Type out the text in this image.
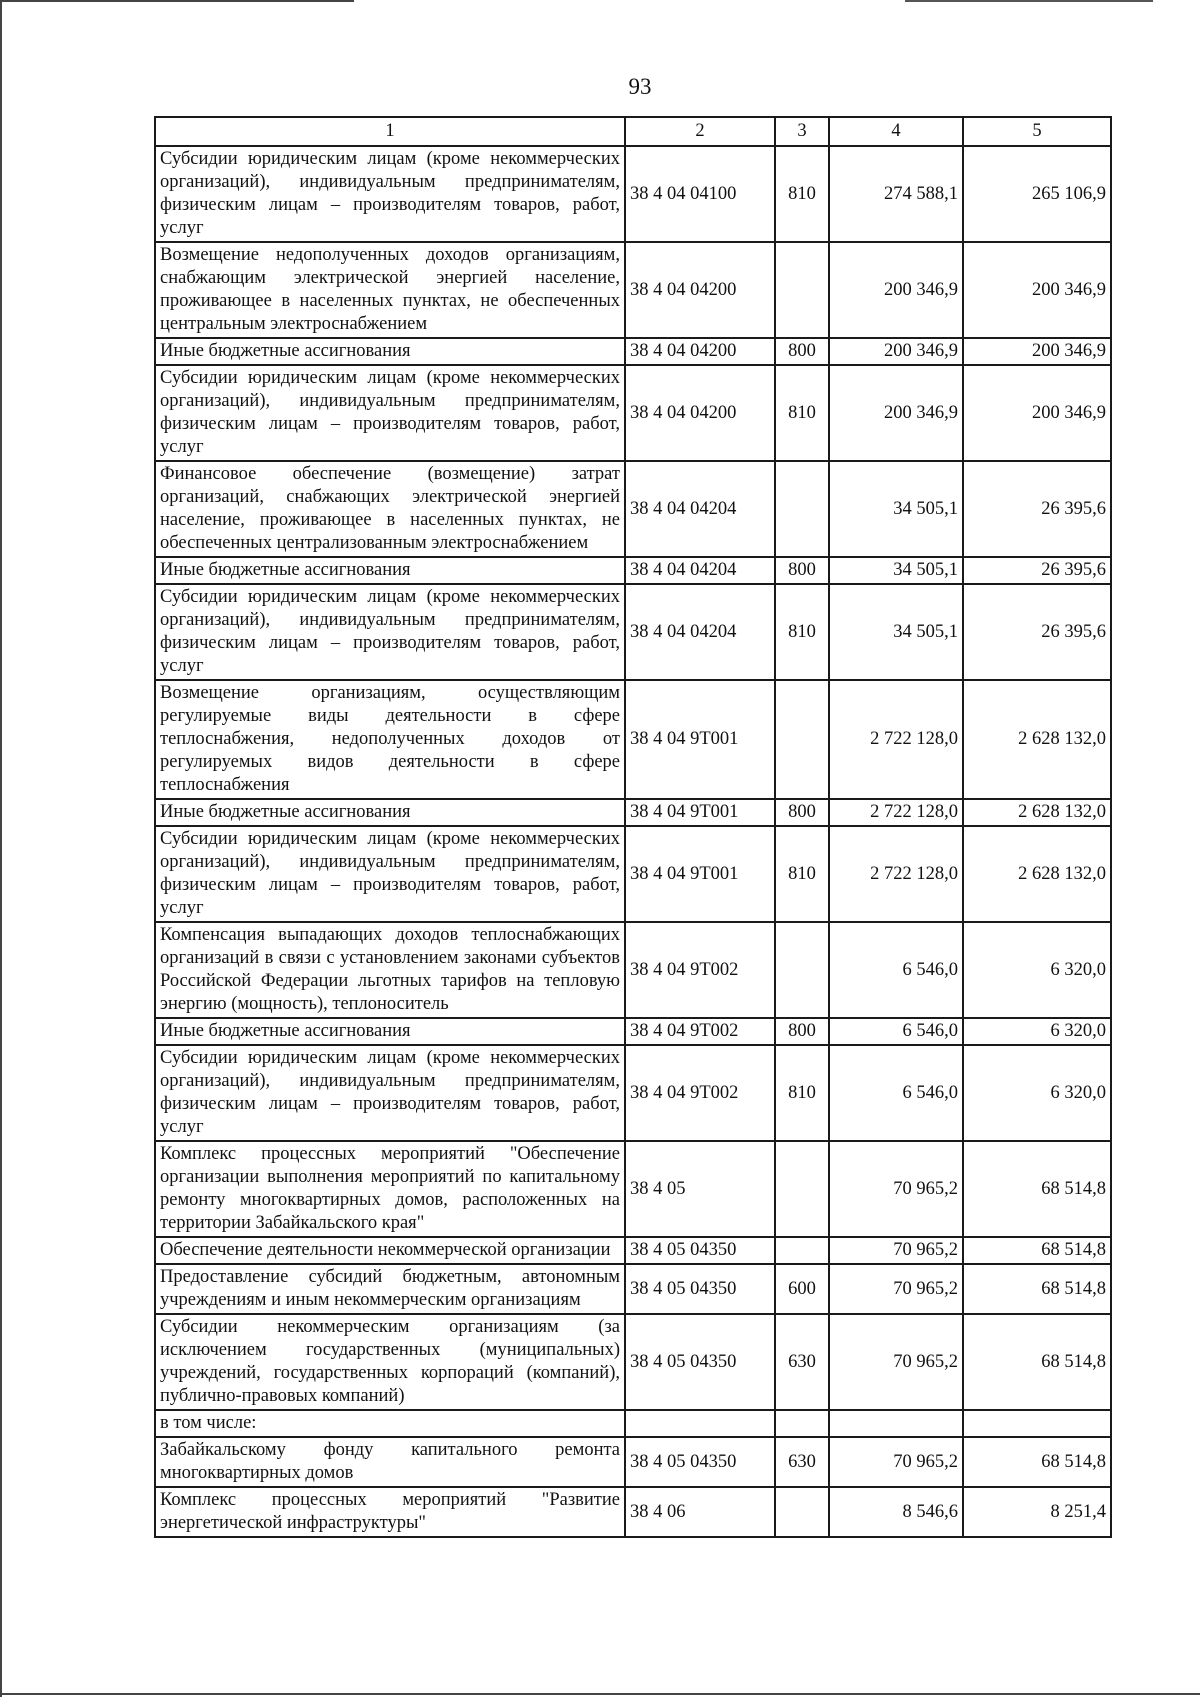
93
1	2	3	4	5
Субсидии юридическим лицам (кроме некоммерческих организаций), индивидуальным предпринимателям, физическим лицам – производителям товаров, работ, услуг	38 4 04 04100	810	274 588,1	265 106,9
Возмещение недополученных доходов организациям, снабжающим электрической энергией население, проживающее в населенных пунктах, не обеспеченных центральным электроснабжением	38 4 04 04200		200 346,9	200 346,9
Иные бюджетные ассигнования	38 4 04 04200	800	200 346,9	200 346,9
Субсидии юридическим лицам (кроме некоммерческих организаций), индивидуальным предпринимателям, физическим лицам – производителям товаров, работ, услуг	38 4 04 04200	810	200 346,9	200 346,9
Финансовое обеспечение (возмещение) затрат организаций, снабжающих электрической энергией население, проживающее в населенных пунктах, не обеспеченных централизованным электроснабжением	38 4 04 04204		34 505,1	26 395,6
Иные бюджетные ассигнования	38 4 04 04204	800	34 505,1	26 395,6
Субсидии юридическим лицам (кроме некоммерческих организаций), индивидуальным предпринимателям, физическим лицам – производителям товаров, работ, услуг	38 4 04 04204	810	34 505,1	26 395,6
Возмещение организациям, осуществляющим регулируемые виды деятельности в сфере теплоснабжения, недополученных доходов от регулируемых видов деятельности в сфере теплоснабжения	38 4 04 9Т001		2 722 128,0	2 628 132,0
Иные бюджетные ассигнования	38 4 04 9Т001	800	2 722 128,0	2 628 132,0
Субсидии юридическим лицам (кроме некоммерческих организаций), индивидуальным предпринимателям, физическим лицам – производителям товаров, работ, услуг	38 4 04 9Т001	810	2 722 128,0	2 628 132,0
Компенсация выпадающих доходов теплоснабжающих организаций в связи с установлением законами субъектов Российской Федерации льготных тарифов на тепловую энергию (мощность), теплоноситель	38 4 04 9Т002		6 546,0	6 320,0
Иные бюджетные ассигнования	38 4 04 9Т002	800	6 546,0	6 320,0
Субсидии юридическим лицам (кроме некоммерческих организаций), индивидуальным предпринимателям, физическим лицам – производителям товаров, работ, услуг	38 4 04 9Т002	810	6 546,0	6 320,0
Комплекс процессных мероприятий "Обеспечение организации выполнения мероприятий по капитальному ремонту многоквартирных домов, расположенных на территории Забайкальского края"	38 4 05		70 965,2	68 514,8
Обеспечение деятельности некоммерческой организации	38 4 05 04350		70 965,2	68 514,8
Предоставление субсидий бюджетным, автономным учреждениям и иным некоммерческим организациям	38 4 05 04350	600	70 965,2	68 514,8
Субсидии некоммерческим организациям (за исключением государственных (муниципальных) учреждений, государственных корпораций (компаний), публично-правовых компаний)	38 4 05 04350	630	70 965,2	68 514,8
в том числе:				
Забайкальскому фонду капитального ремонта многоквартирных домов	38 4 05 04350	630	70 965,2	68 514,8
Комплекс процессных мероприятий "Развитие энергетической инфраструктуры"	38 4 06		8 546,6	8 251,4
